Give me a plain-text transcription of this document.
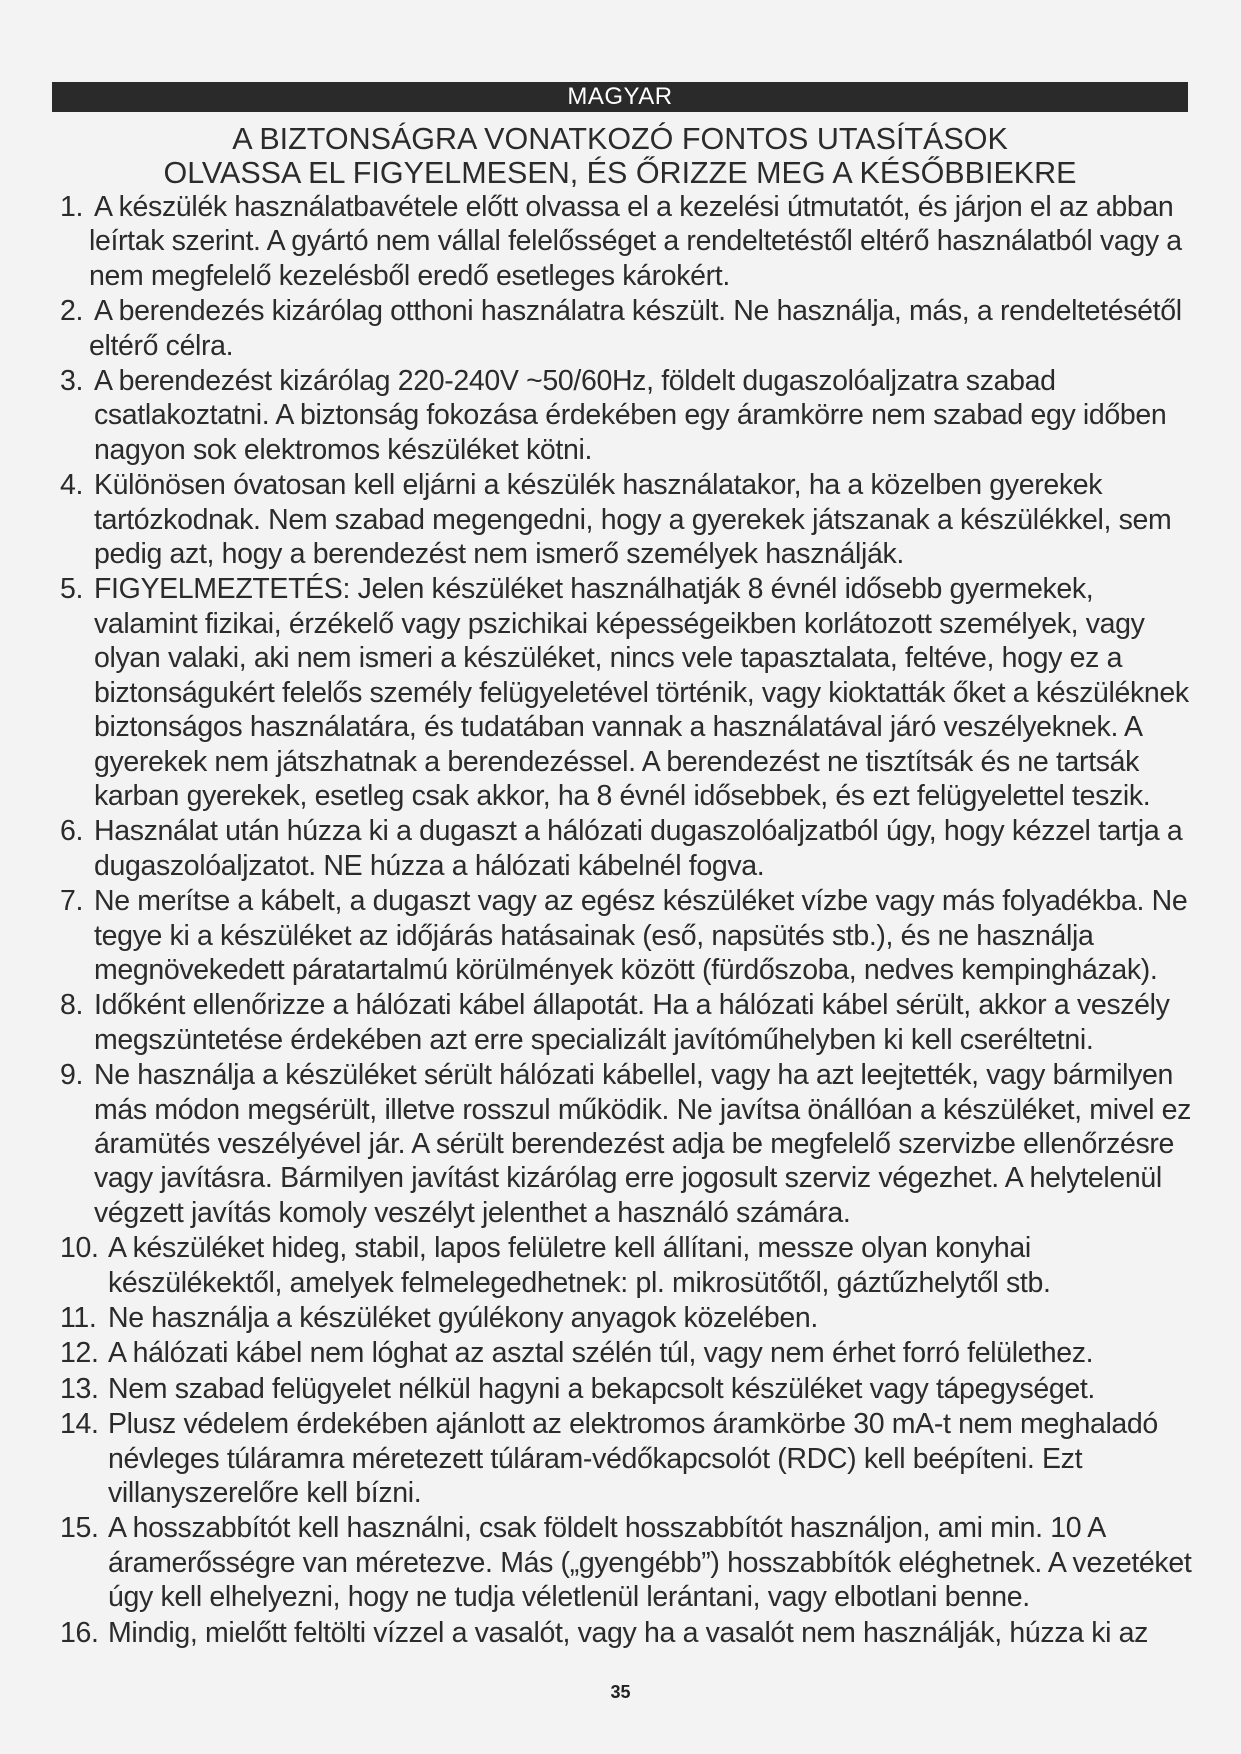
MAGYAR
A BIZTONSÁGRA VONATKOZÓ FONTOS UTASÍTÁSOK
OLVASSA EL FIGYELMESEN, ÉS ŐRIZZE MEG A KÉSŐBBIEKRE
1. A készülék használatbavétele előtt olvassa el a kezelési útmutatót, és járjon el az abban
leírtak szerint. A gyártó nem vállal felelősséget a rendeltetéstől eltérő használatból vagy a
nem megfelelő kezelésből eredő esetleges károkért.
2. A berendezés kizárólag otthoni használatra készült. Ne használja, más, a rendeltetésétől
eltérő célra.
3. A berendezést kizárólag 220-240V ~50/60Hz, földelt dugaszolóaljzatra szabad
csatlakoztatni. A biztonság fokozása érdekében egy áramkörre nem szabad egy időben
nagyon sok elektromos készüléket kötni.
4. Különösen óvatosan kell eljárni a készülék használatakor, ha a közelben gyerekek
tartózkodnak. Nem szabad megengedni, hogy a gyerekek játszanak a készülékkel, sem
pedig azt, hogy a berendezést nem ismerő személyek használják.
5. FIGYELMEZTETÉS: Jelen készüléket használhatják 8 évnél idősebb gyermekek,
valamint fizikai, érzékelő vagy pszichikai képességeikben korlátozott személyek, vagy
olyan valaki, aki nem ismeri a készüléket, nincs vele tapasztalata, feltéve, hogy ez a
biztonságukért felelős személy felügyeletével történik, vagy kioktatták őket a készüléknek
biztonságos használatára, és tudatában vannak a használatával járó veszélyeknek. A
gyerekek nem játszhatnak a berendezéssel. A berendezést ne tisztítsák és ne tartsák
karban gyerekek, esetleg csak akkor, ha 8 évnél idősebbek, és ezt felügyelettel teszik.
6. Használat után húzza ki a dugaszt a hálózati dugaszolóaljzatból úgy, hogy kézzel tartja a
dugaszolóaljzatot. NE húzza a hálózati kábelnél fogva.
7. Ne merítse a kábelt, a dugaszt vagy az egész készüléket vízbe vagy más folyadékba. Ne
tegye ki a készüléket az időjárás hatásainak (eső, napsütés stb.), és ne használja
megnövekedett páratartalmú körülmények között (fürdőszoba, nedves kempingházak).
8. Időként ellenőrizze a hálózati kábel állapotát. Ha a hálózati kábel sérült, akkor a veszély
megszüntetése érdekében azt erre specializált javítóműhelyben ki kell cseréltetni.
9. Ne használja a készüléket sérült hálózati kábellel, vagy ha azt leejtették, vagy bármilyen
más módon megsérült, illetve rosszul működik. Ne javítsa önállóan a készüléket, mivel ez
áramütés veszélyével jár. A sérült berendezést adja be megfelelő szervizbe ellenőrzésre
vagy javításra. Bármilyen javítást kizárólag erre jogosult szerviz végezhet. A helytelenül
végzett javítás komoly veszélyt jelenthet a használó számára.
10. A készüléket hideg, stabil, lapos felületre kell állítani, messze olyan konyhai
készülékektől, amelyek felmelegedhetnek: pl. mikrosütőtől, gáztűzhelytől stb.
11. Ne használja a készüléket gyúlékony anyagok közelében.
12. A hálózati kábel nem lóghat az asztal szélén túl, vagy nem érhet forró felülethez.
13. Nem szabad felügyelet nélkül hagyni a bekapcsolt készüléket vagy tápegységet.
14. Plusz védelem érdekében ajánlott az elektromos áramkörbe 30 mA-t nem meghaladó
névleges túláramra méretezett túláram-védőkapcsolót (RDC) kell beépíteni. Ezt
villanyszerelőre kell bízni.
15. A hosszabbítót kell használni, csak földelt hosszabbítót használjon, ami min. 10 A
áramerősségre van méretezve. Más („gyengébb”) hosszabbítók eléghetnek. A vezetéket
úgy kell elhelyezni, hogy ne tudja véletlenül lerántani, vagy elbotlani benne.
16. Mindig, mielőtt feltölti vízzel a vasalót, vagy ha a vasalót nem használják, húzza ki az
35
